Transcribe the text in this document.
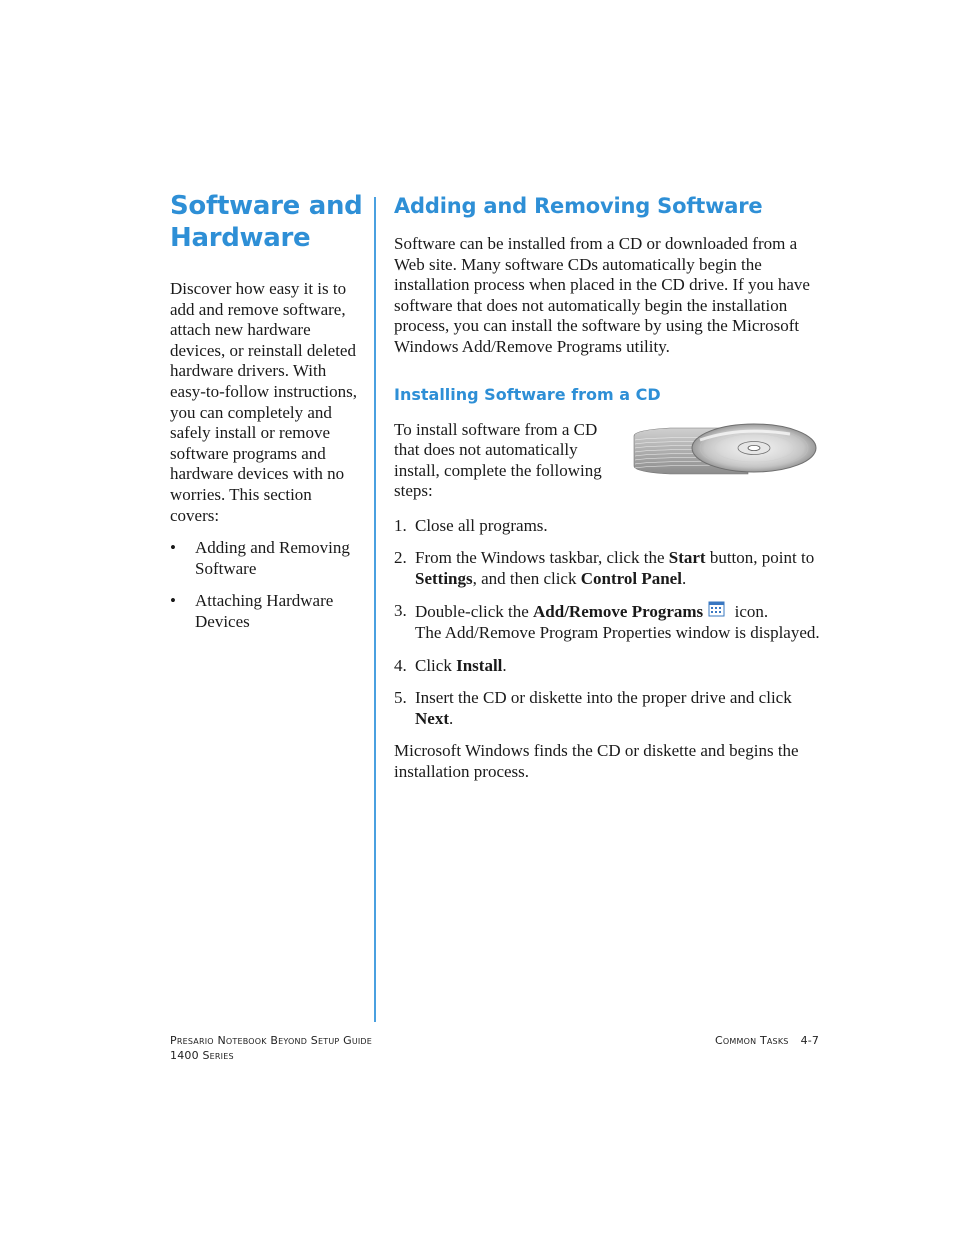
Software and Hardware

Discover how easy it is to add and remove software, attach new hardware devices, or reinstall deleted hardware drivers. With easy-to-follow instructions, you can completely and safely install or remove software programs and hardware devices with no worries. This section covers:

• Adding and Removing Software
• Attaching Hardware Devices
Adding and Removing Software

Software can be installed from a CD or downloaded from a Web site. Many software CDs automatically begin the installation process when placed in the CD drive. If you have software that does not automatically begin the installation process, you can install the software by using the Microsoft Windows Add/Remove Programs utility.

Installing Software from a CD

To install software from a CD that does not automatically install, complete the following steps:

1. Close all programs.
2. From the Windows taskbar, click the Start button, point to Settings, and then click Control Panel.
3. Double-click the Add/Remove Programs  icon.
The Add/Remove Program Properties window is displayed.
4. Click Install.
5. Insert the CD or diskette into the proper drive and click Next.

Microsoft Windows finds the CD or diskette and begins the installation process.

Presario Notebook Beyond Setup Guide
1400 Series
Common Tasks 4-7
